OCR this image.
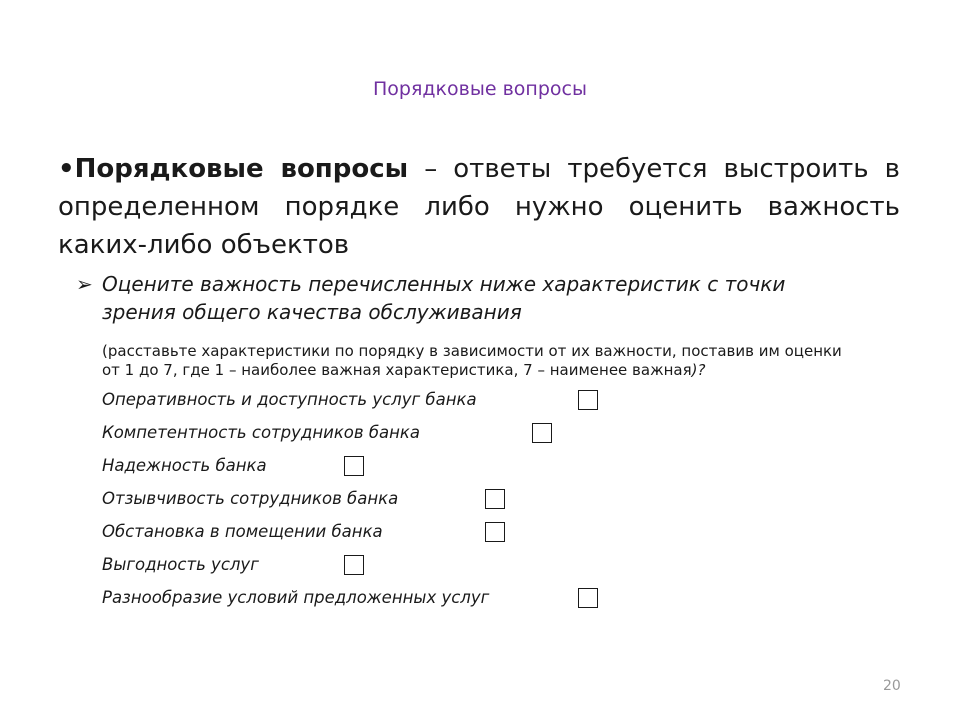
Порядковые вопросы
•Порядковые вопросы – ответы требуется выстроить в определенном порядке либо нужно оценить важность каких-либо объектов
➢ Оцените важность перечисленных ниже характеристик с точки зрения общего качества обслуживания
(расставьте характеристики по порядку в зависимости от их важности, поставив им оценки от 1 до 7, где 1 – наиболее важная характеристика, 7 – наименее важная)?
Оперативность и доступность услуг банка
Компетентность сотрудников банка
Надежность банка
Отзывчивость сотрудников банка
Обстановка в помещении банка
Выгодность услуг
Разнообразие условий предложенных услуг
20
